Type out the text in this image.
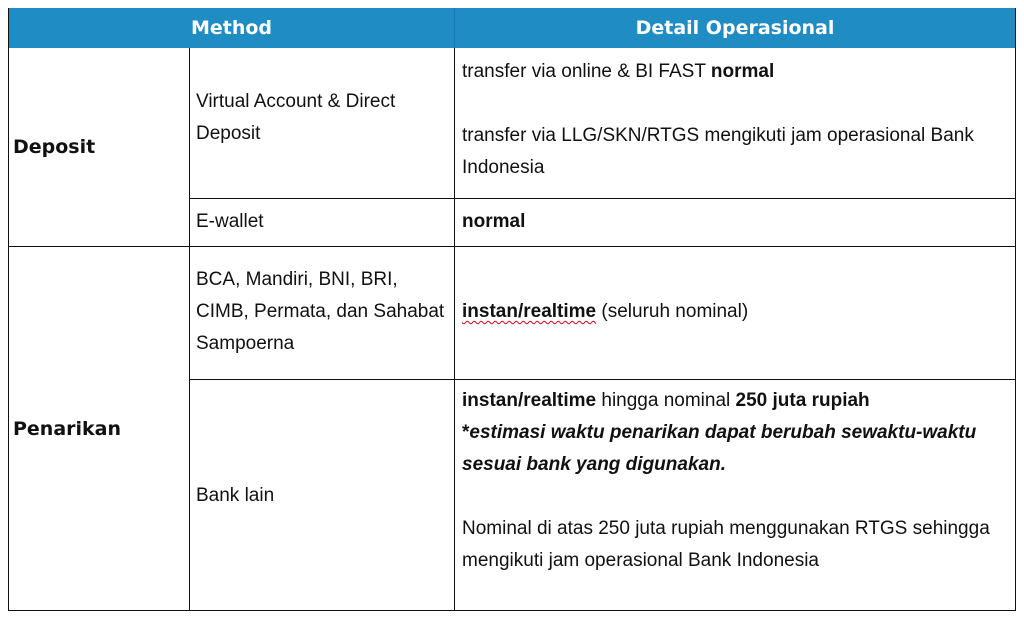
Method	Detail Operasional
Deposit
Virtual Account & Direct Deposit
transfer via online & BI FAST normal
transfer via LLG/SKN/RTGS mengikuti jam operasional Bank Indonesia
E-wallet	normal
Penarikan
BCA, Mandiri, BNI, BRI, CIMB, Permata, dan Sahabat Sampoerna
instan/realtime (seluruh nominal)
Bank lain
instan/realtime hingga nominal 250 juta rupiah
*estimasi waktu penarikan dapat berubah sewaktu-waktu sesuai bank yang digunakan.
Nominal di atas 250 juta rupiah menggunakan RTGS sehingga mengikuti jam operasional Bank Indonesia
